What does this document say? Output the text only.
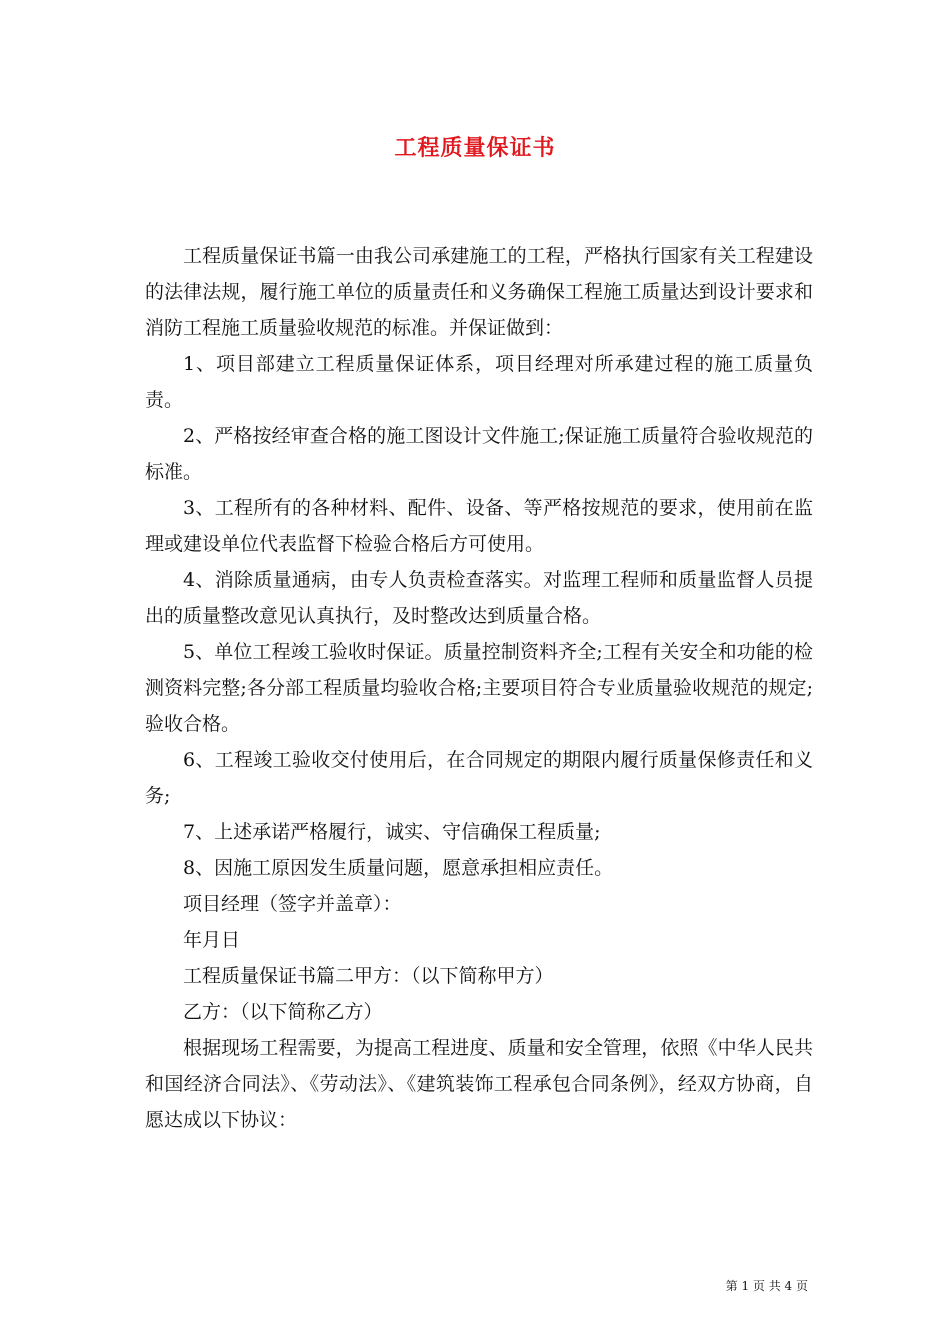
工程质量保证书

工程质量保证书篇一由我公司承建施工的工程，严格执行国家有关工程建设的法律法规，履行施工单位的质量责任和义务确保工程施工质量达到设计要求和消防工程施工质量验收规范的标准。并保证做到：

1、项目部建立工程质量保证体系，项目经理对所承建过程的施工质量负责。

2、严格按经审查合格的施工图设计文件施工;保证施工质量符合验收规范的标准。

3、工程所有的各种材料、配件、设备、等严格按规范的要求，使用前在监理或建设单位代表监督下检验合格后方可使用。

4、消除质量通病，由专人负责检查落实。对监理工程师和质量监督人员提出的质量整改意见认真执行，及时整改达到质量合格。

5、单位工程竣工验收时保证。质量控制资料齐全;工程有关安全和功能的检测资料完整;各分部工程质量均验收合格;主要项目符合专业质量验收规范的规定;验收合格。

6、工程竣工验收交付使用后，在合同规定的期限内履行质量保修责任和义务;

7、上述承诺严格履行，诚实、守信确保工程质量;

8、因施工原因发生质量问题，愿意承担相应责任。

项目经理（签字并盖章）：

年月日

工程质量保证书篇二甲方：（以下简称甲方）

乙方：（以下简称乙方）

根据现场工程需要，为提高工程进度、质量和安全管理，依照《中华人民共和国经济合同法》、《劳动法》、《建筑装饰工程承包合同条例》，经双方协商，自愿达成以下协议：

第 1 页 共 4 页
